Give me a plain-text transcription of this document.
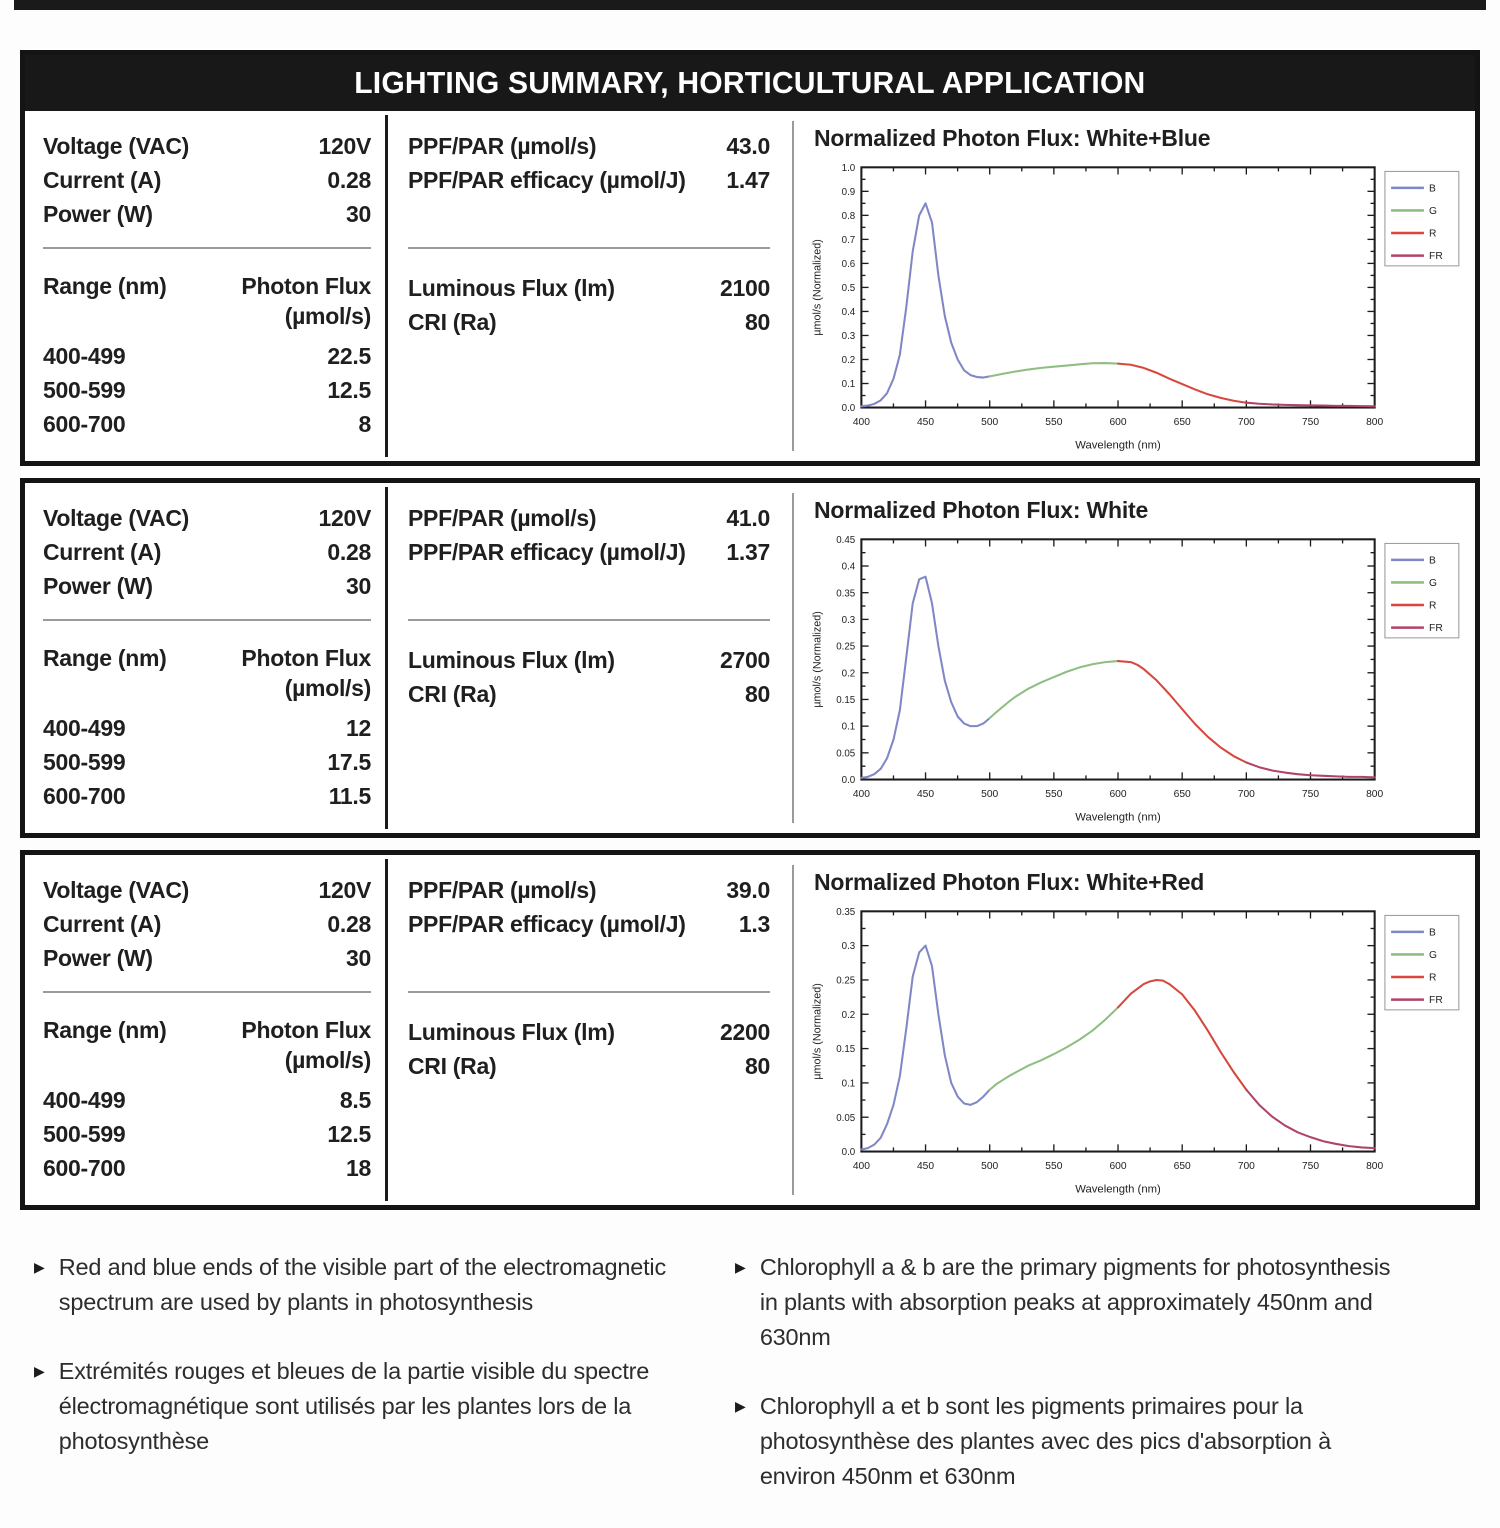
LIGHTING SUMMARY, HORTICULTURAL APPLICATION
Voltage (VAC)	120V
Current (A)	0.28
Power (W)	30
Range (nm)	Photon Flux
(µmol/s)
400-499	22.5
500-599	12.5
600-700	8
PPF/PAR (µmol/s)	43.0
PPF/PAR efficacy (µmol/J) 1.47
Luminous Flux (lm)	2100
CRI (Ra)	80
Normalized Photon Flux: White+Blue
400	450	500	550	600	650	700	750	800
0.0
0.1
0.2
0.3
0.4
0.5
0.6
0.7
0.8
0.9
1.0
Wavelength (nm)
µmol/s (Normalized)
B
G
R
FR
Voltage (VAC)	120V
Current (A)	0.28
Power (W)	30
Range (nm)	Photon Flux
(µmol/s)
400-499	12
500-599	17.5
600-700	11.5
PPF/PAR (µmol/s)	41.0
PPF/PAR efficacy (µmol/J) 1.37
Luminous Flux (lm)	2700
CRI (Ra)	80
Normalized Photon Flux: White
400	450	500	550	600	650	700	750	800
0.0
0.05
0.1
0.15
0.2
0.25
0.3
0.35
0.4
0.45
Wavelength (nm)
µmol/s (Normalized)
B
G
R
FR
Voltage (VAC)	120V
Current (A)	0.28
Power (W)	30
Range (nm)	Photon Flux
(µmol/s)
400-499	8.5
500-599	12.5
600-700	18
PPF/PAR (µmol/s)	39.0
PPF/PAR efficacy (µmol/J) 1.3
Luminous Flux (lm)	2200
CRI (Ra)	80
Normalized Photon Flux: White+Red
400	450	500	550	600	650	700	750	800
0.0
0.05
0.1
0.15
0.2
0.25
0.3
0.35
Wavelength (nm)
µmol/s (Normalized)
B
G
R
FR
▶ Red and blue ends of the visible part of the electromagnetic spectrum are used by plants in photosynthesis

▶ Extrémités rouges et bleues de la partie visible du spectre électromagnétique sont utilisés par les plantes lors de la photosynthèse

▶ Chlorophyll a & b are the primary pigments for photosynthesis in plants with absorption peaks at approximately 450nm and 630nm

▶ Chlorophyll a et b sont les pigments primaires pour la photosynthèse des plantes avec des pics d'absorption à environ 450nm et 630nm
